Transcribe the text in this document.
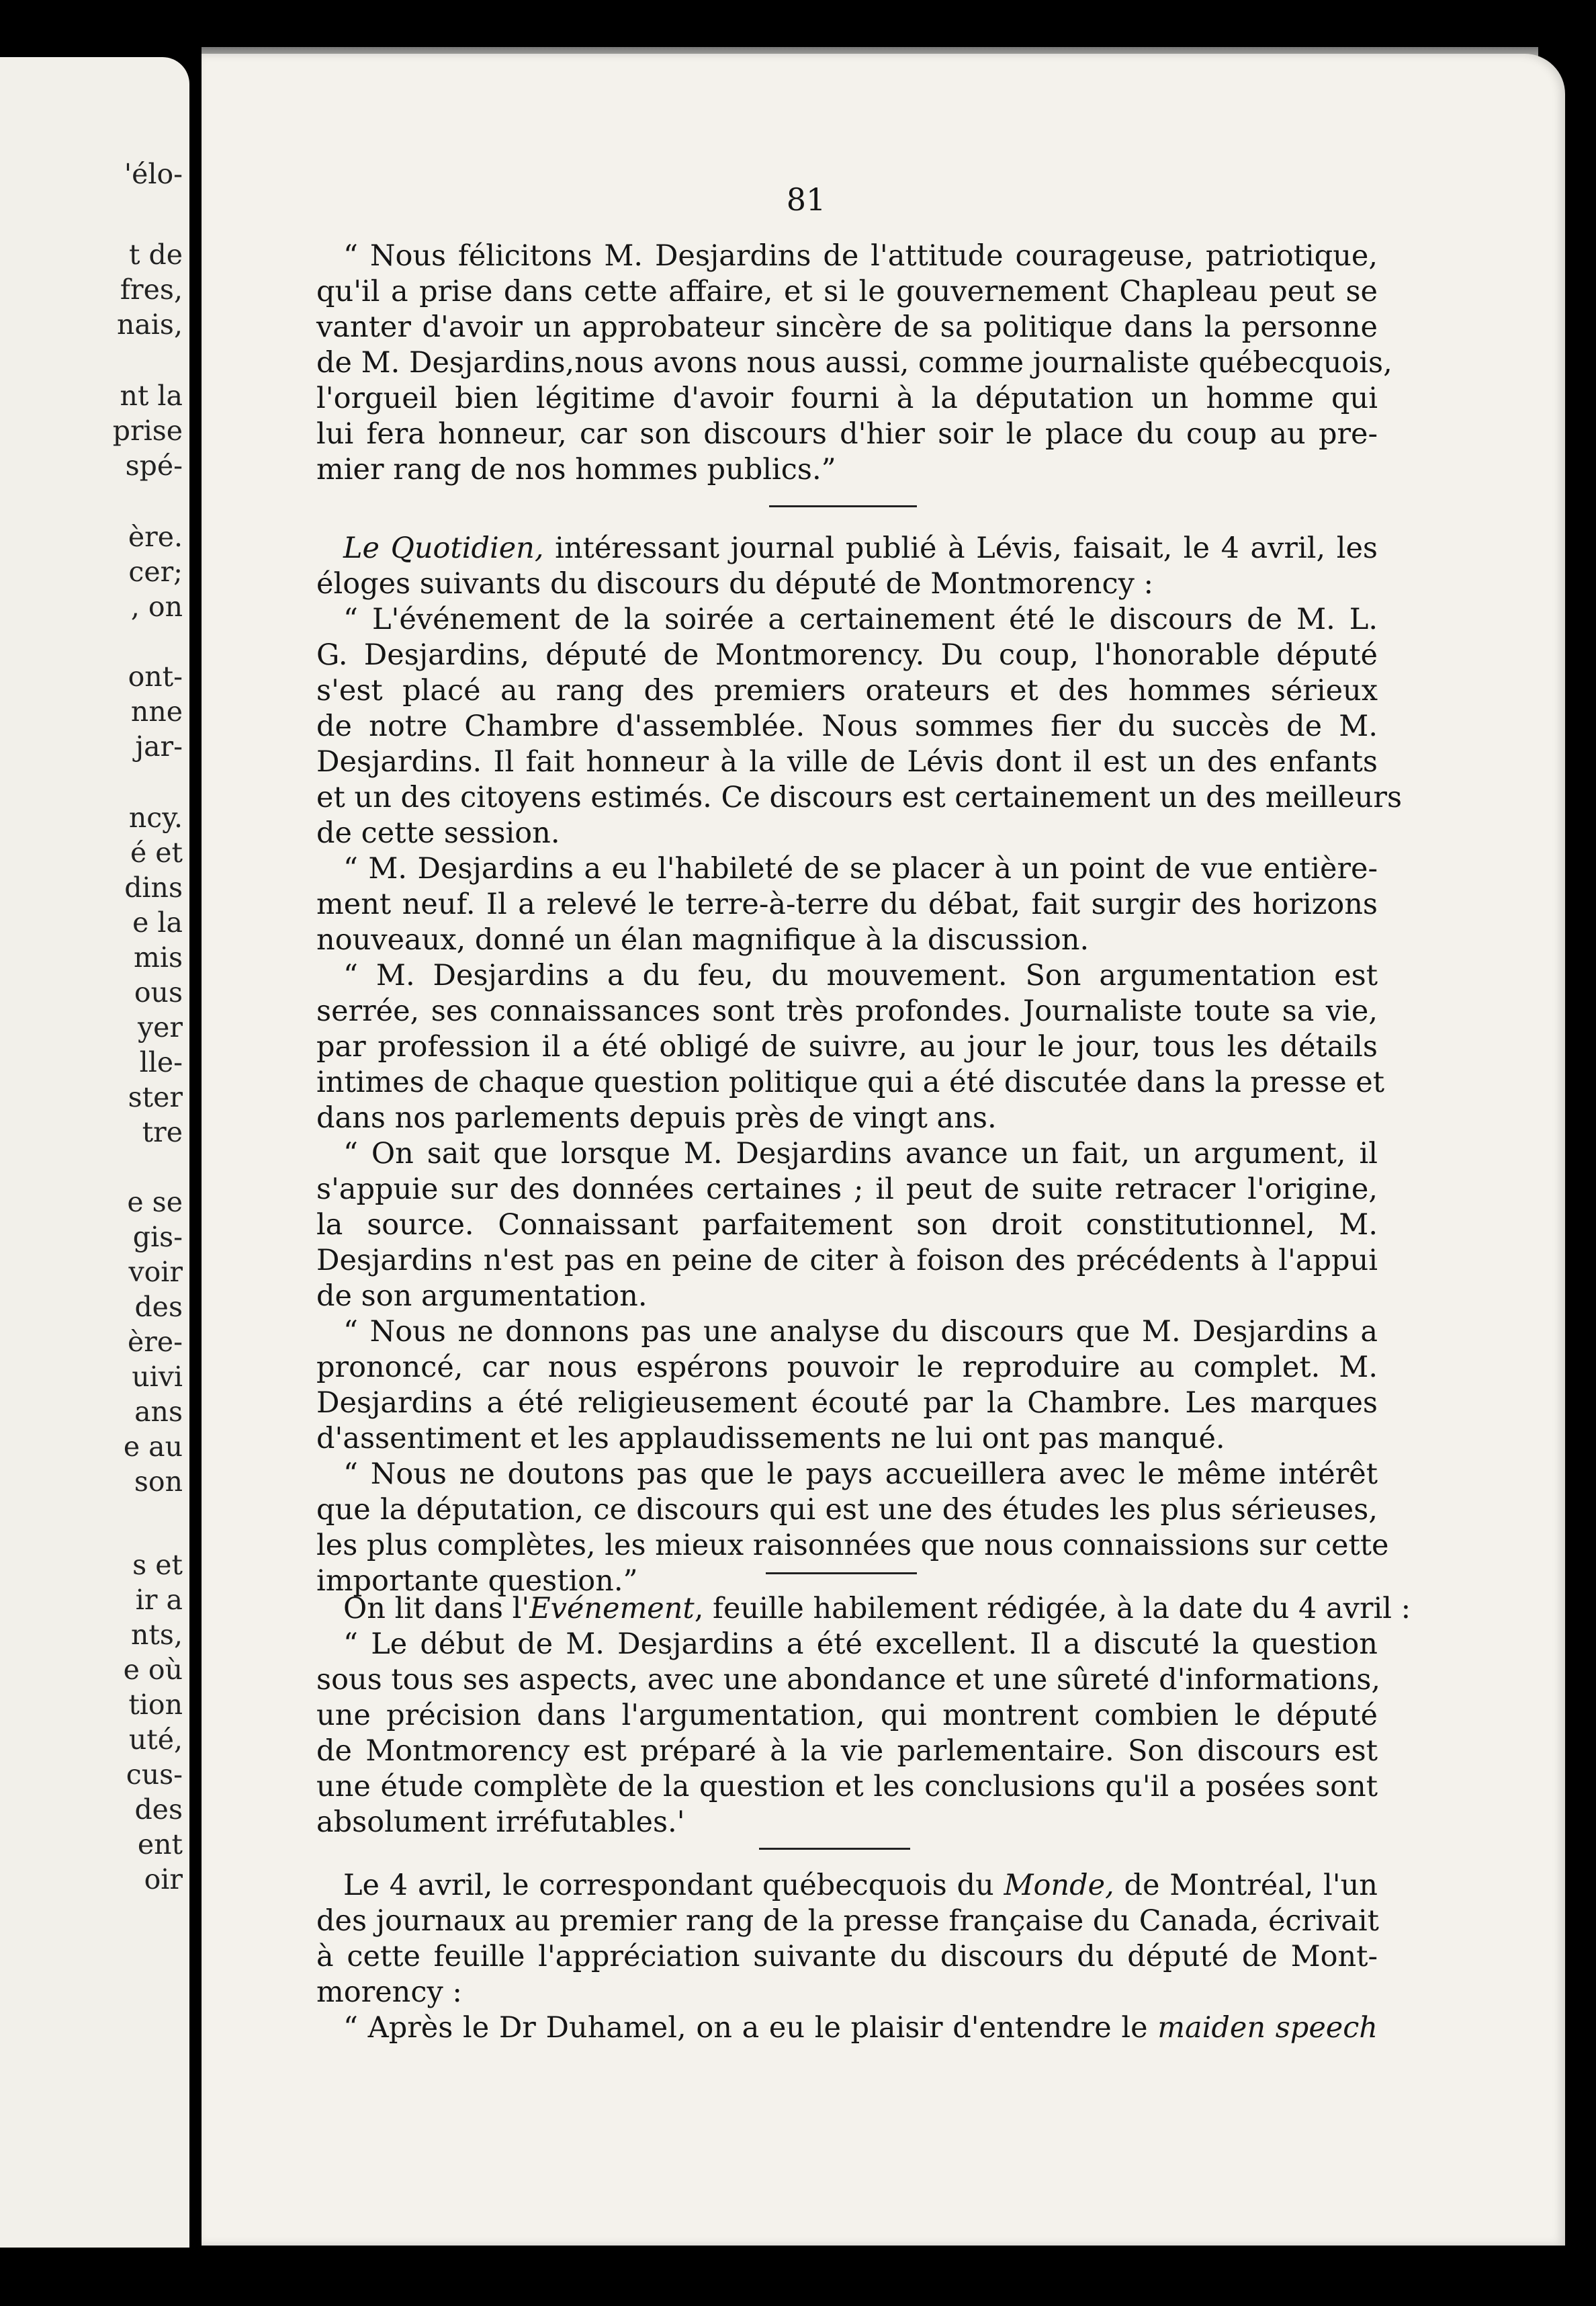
'élo-
t de
fres,
nais,
nt la
prise
spé-
ère.
cer;
, on
ont-
nne
jar-
ncy.
é et
dins
e la
mis
ous
yer
lle-
ster
tre
e se
gis-
voir
des
ère-
uivi
ans
e au
son
s et
ir a
nts,
e où
tion
uté,
cus-
des
ent
oir
81
“ Nous félicitons M. Desjardins de l'attitude courageuse, patriotique,
qu'il a prise dans cette affaire, et si le gouvernement Chapleau peut se
vanter d'avoir un approbateur sincère de sa politique dans la personne
de M. Desjardins,nous avons nous aussi, comme journaliste québecquois,
l'orgueil bien légitime d'avoir fourni à la députation un homme qui
lui fera honneur, car son discours d'hier soir le place du coup au pre-
mier rang de nos hommes publics.”
Le Quotidien, intéressant journal publié à Lévis, faisait, le 4 avril, les
éloges suivants du discours du député de Montmorency :
“ L'événement de la soirée a certainement été le discours de M. L.
G. Desjardins, député de Montmorency. Du coup, l'honorable député
s'est placé au rang des premiers orateurs et des hommes sérieux
de notre Chambre d'assemblée. Nous sommes fier du succès de M.
Desjardins. Il fait honneur à la ville de Lévis dont il est un des enfants
et un des citoyens estimés. Ce discours est certainement un des meilleurs
de cette session.
“ M. Desjardins a eu l'habileté de se placer à un point de vue entière-
ment neuf. Il a relevé le terre-à-terre du débat, fait surgir des horizons
nouveaux, donné un élan magnifique à la discussion.
“ M. Desjardins a du feu, du mouvement. Son argumentation est
serrée, ses connaissances sont très profondes. Journaliste toute sa vie,
par profession il a été obligé de suivre, au jour le jour, tous les détails
intimes de chaque question politique qui a été discutée dans la presse et
dans nos parlements depuis près de vingt ans.
“ On sait que lorsque M. Desjardins avance un fait, un argument, il
s'appuie sur des données certaines ; il peut de suite retracer l'origine,
la source. Connaissant parfaitement son droit constitutionnel, M.
Desjardins n'est pas en peine de citer à foison des précédents à l'appui
de son argumentation.
“ Nous ne donnons pas une analyse du discours que M. Desjardins a
prononcé, car nous espérons pouvoir le reproduire au complet. M.
Desjardins a été religieusement écouté par la Chambre. Les marques
d'assentiment et les applaudissements ne lui ont pas manqué.
“ Nous ne doutons pas que le pays accueillera avec le même intérêt
que la députation, ce discours qui est une des études les plus sérieuses,
les plus complètes, les mieux raisonnées que nous connaissions sur cette
importante question.”
On lit dans l'Evénement, feuille habilement rédigée, à la date du 4 avril :
“ Le début de M. Desjardins a été excellent. Il a discuté la question
sous tous ses aspects, avec une abondance et une sûreté d'informations,
une précision dans l'argumentation, qui montrent combien le député
de Montmorency est préparé à la vie parlementaire. Son discours est
une étude complète de la question et les conclusions qu'il a posées sont
absolument irréfutables.'
Le 4 avril, le correspondant québecquois du Monde, de Montréal, l'un
des journaux au premier rang de la presse française du Canada, écrivait
à cette feuille l'appréciation suivante du discours du député de Mont-
morency :
“ Après le Dr Duhamel, on a eu le plaisir d'entendre le maiden speech
